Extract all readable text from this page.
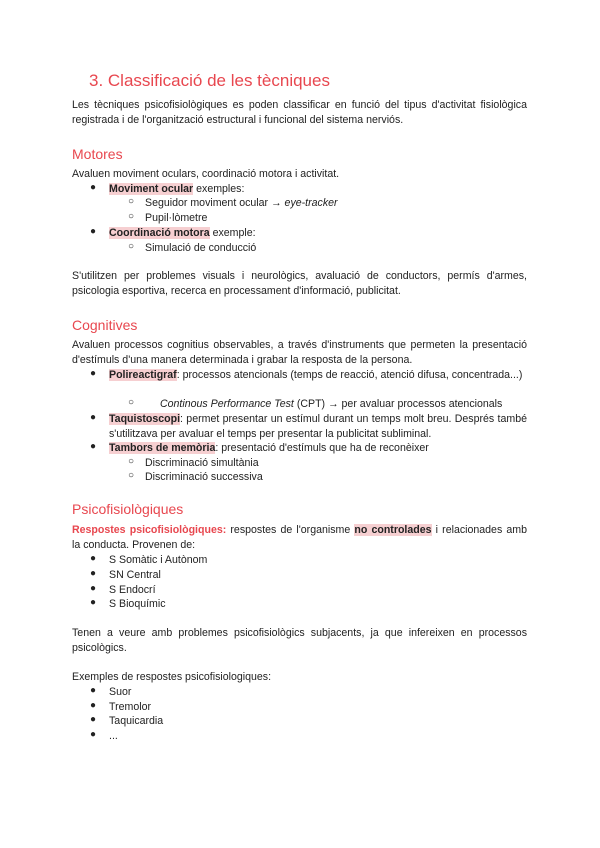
3. Classificació de les tècniques

Les tècniques psicofisiològiques es poden classificar en funció del tipus d'activitat fisiològica registrada i de l'organització estructural i funcional del sistema nerviós.

Motores

Avaluen moviment oculars, coordinació motora i activitat.

● Moviment ocular exemples:

○ Seguidor moviment ocular → eye-tracker

○ Pupil·lòmetre

● Coordinació motora exemple:

○ Simulació de conducció

S'utilitzen per problemes visuals i neurològics, avaluació de conductors, permís d'armes, psicologia esportiva, recerca en processament d'informació, publicitat.

Cognitives

Avaluen processos cognitius observables, a través d'instruments que permeten la presentació d'estímuls d'una manera determinada i grabar la resposta de la persona.

● Polireactigraf: processos atencionals (temps de reacció, atenció difusa, concentrada...)

○ Continous Performance Test (CPT) → per avaluar processos atencionals

● Taquistoscopi: permet presentar un estímul durant un temps molt breu. Després també s'utilitzava per avaluar el temps per presentar la publicitat subliminal.

● Tambors de memòria: presentació d'estímuls que ha de reconèixer

○ Discriminació simultània

○ Discriminació successiva

Psicofisiològiques

Respostes psicofisiològiques: respostes de l'organisme no controlades i relacionades amb la conducta. Provenen de:

● S Somàtic i Autònom

● SN Central

● S Endocrí

● S Bioquímic

Tenen a veure amb problemes psicofisiològics subjacents, ja que infereixen en processos psicològics.

Exemples de respostes psicofisiologiques:

● Suor

● Tremolor

● Taquicardia

● ...
